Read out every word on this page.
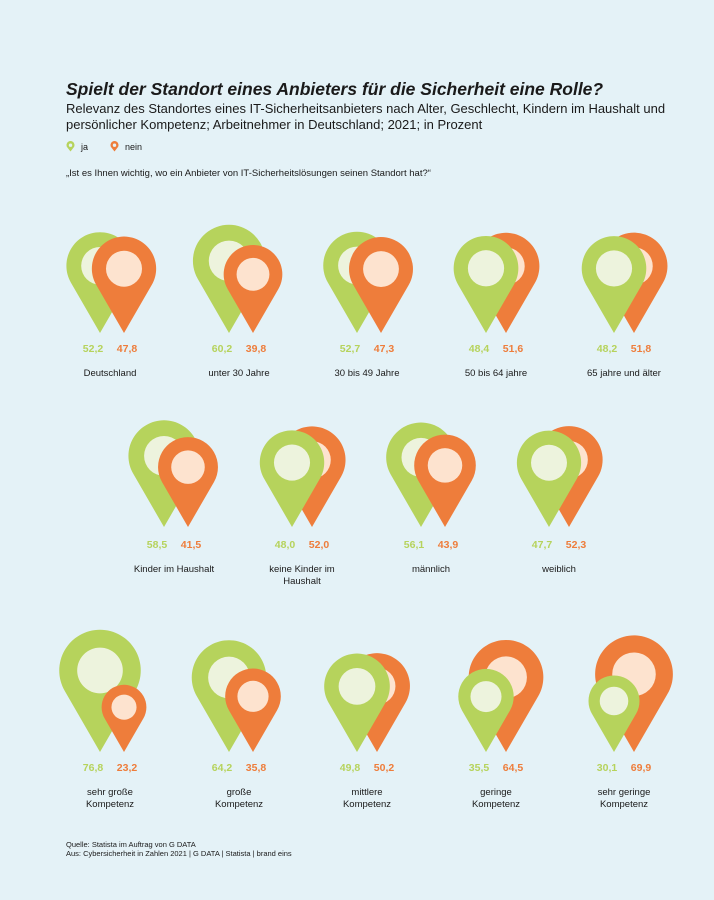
Spielt der Standort eines Anbieters für die Sicherheit eine Rolle?
Relevanz des Standortes eines IT-Sicherheitsanbieters nach Alter, Geschlecht, Kindern im Haushalt und persönlicher Kompetenz; Arbeitnehmer in Deutschland; 2021; in Prozent
ja	nein
„Ist es Ihnen wichtig, wo ein Anbieter von IT-Sicherheitslösungen seinen Standort hat?“
52,2 47,8	60,2 39,8	52,7 47,3	48,4 51,6	48,2 51,8
58,5 41,5	48,0 52,0	56,1 43,9	47,7 52,3
76,8 23,2	64,2 35,8	49,8 50,2	35,5 64,5	30,1 69,9
Deutschland	unter 30 Jahre	30 bis 49 Jahre	50 bis 64 jahre	65 jahre und älter
Kinder im Haushalt	keine Kinder im
Haushalt
männlich	weiblich
sehr große
Kompetenz
große
Kompetenz
mittlere
Kompetenz
geringe
Kompetenz
sehr geringe
Kompetenz
Quelle: Statista im Auftrag von G DATA
Aus: Cybersicherheit in Zahlen 2021 | G DATA | Statista | brand eins
